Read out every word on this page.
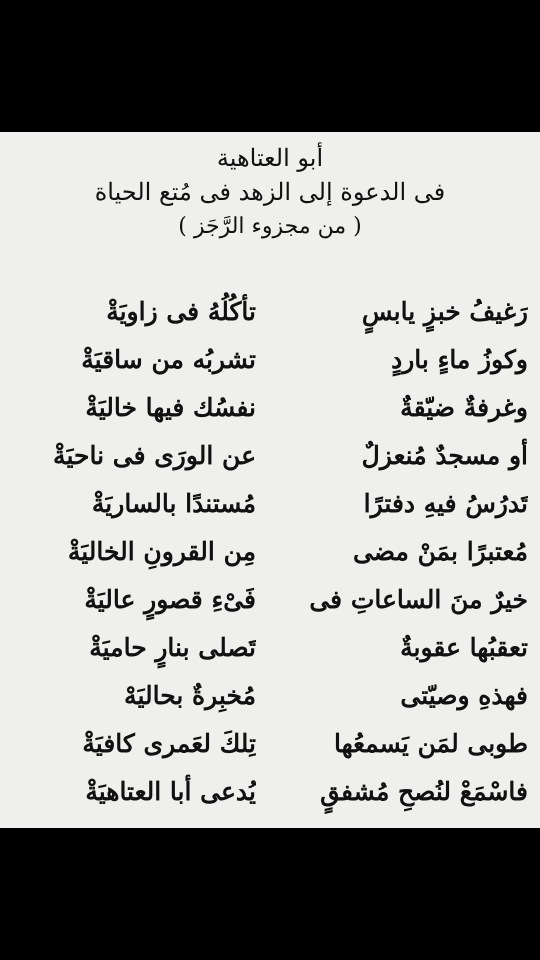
أبو العتاهية
فى الدعوة إلى الزهد فى مُتع الحياة
( من مجزوء الرَّجَز )
رَغيفُ خبزٍ يابسٍ
تأكُلُهُ فى زاويَةْ
وكوزُ ماءٍ باردٍ
تشربُه من ساقيَةْ
وغرفةٌ ضيّقةٌ
نفسُك فيها خاليَةْ
أو مسجدٌ مُنعزلٌ
عن الورَى فى ناحيَةْ
تَدرُسُ فيهِ دفترًا
مُستندًا بالساريَةْ
مُعتبرًا بمَنْ مضى
مِن القرونِ الخاليَةْ
خيرٌ منَ الساعاتِ فى
فَىْءِ قصورٍ عاليَةْ
تعقبُها عقوبةٌ
تَصلى بنارٍ حاميَةْ
فهذهِ وصيّتى
مُخبِرةٌ بحاليَهْ
طوبى لمَن يَسمعُها
تِلكَ لعَمرى كافيَةْ
فاسْمَعْ لنُصحِ مُشفقٍ
يُدعى أبا العتاهيَةْ
